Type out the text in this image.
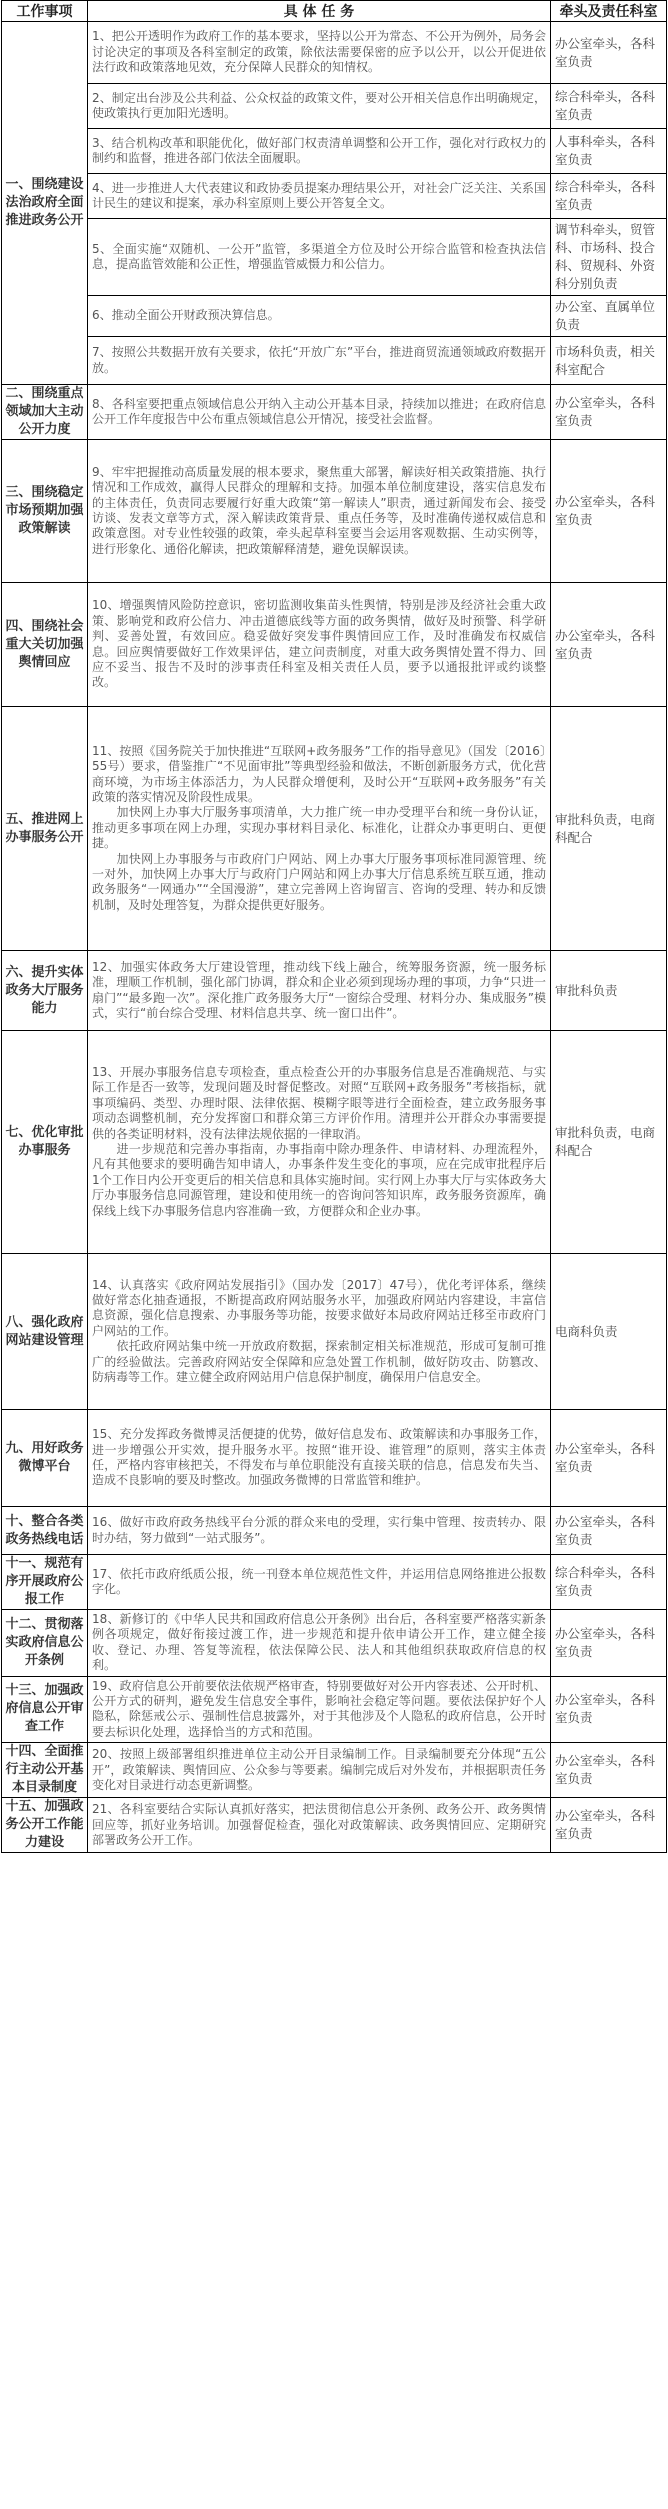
工作事项	具 体 任 务	牵头及责任科室
一、围绕建设法治政府全面推进政务公开	1、把公开透明作为政府工作的基本要求，坚持以公开为常态、不公开为例外，局务会讨论决定的事项及各科室制定的政策，除依法需要保密的应予以公开，以公开促进依法行政和政策落地见效，充分保障人民群众的知情权。	办公室牵头，各科室负责
	2、制定出台涉及公共利益、公众权益的政策文件，要对公开相关信息作出明确规定，使政策执行更加阳光透明。	综合科牵头，各科室负责
	3、结合机构改革和职能优化，做好部门权责清单调整和公开工作，强化对行政权力的制约和监督，推进各部门依法全面履职。	人事科牵头，各科室负责
	4、进一步推进人大代表建议和政协委员提案办理结果公开，对社会广泛关注、关系国计民生的建议和提案，承办科室原则上要公开答复全文。	综合科牵头，各科室负责
	5、全面实施“双随机、一公开”监管，多渠道全方位及时公开综合监管和检查执法信息，提高监管效能和公正性，增强监管威慑力和公信力。	调节科牵头，贸管科、市场科、投合科、贸规科、外资科分别负责
	6、推动全面公开财政预决算信息。	办公室、直属单位负责
	7、按照公共数据开放有关要求，依托“开放广东”平台，推进商贸流通领域政府数据开放。	市场科负责，相关科室配合
二、围绕重点领域加大主动公开力度	8、各科室要把重点领域信息公开纳入主动公开基本目录，持续加以推进；在政府信息公开工作年度报告中公布重点领域信息公开情况，接受社会监督。	办公室牵头，各科室负责
三、围绕稳定市场预期加强政策解读	9、牢牢把握推动高质量发展的根本要求，聚焦重大部署，解读好相关政策措施、执行情况和工作成效，赢得人民群众的理解和支持。加强本单位制度建设，落实信息发布的主体责任，负责同志要履行好重大政策“第一解读人”职责，通过新闻发布会、接受访谈、发表文章等方式，深入解读政策背景、重点任务等，及时准确传递权威信息和政策意图。对专业性较强的政策，牵头起草科室要当会运用客观数据、生动实例等，进行形象化、通俗化解读，把政策解释清楚，避免误解误读。	办公室牵头，各科室负责
四、围绕社会重大关切加强舆情回应	10、增强舆情风险防控意识，密切监测收集苗头性舆情，特别是涉及经济社会重大政策、影响党和政府公信力、冲击道德底线等方面的政务舆情，做好及时预警、科学研判、妥善处置，有效回应。稳妥做好突发事件舆情回应工作，及时准确发布权威信息。回应舆情要做好工作效果评估，建立问责制度，对重大政务舆情处置不得力、回应不妥当、报告不及时的涉事责任科室及相关责任人员，要予以通报批评或约谈整改。	办公室牵头，各科室负责
五、推进网上办事服务公开	11、按照《国务院关于加快推进“互联网+政务服务”工作的指导意见》（国发〔2016〕55号）要求，借鉴推广“不见面审批”等典型经验和做法，不断创新服务方式，优化营商环境，为市场主体添活力，为人民群众增便利，及时公开“互联网+政务服务”有关政策的落实情况及阶段性成果。
　　加快网上办事大厅服务事项清单，大力推广统一申办受理平台和统一身份认证，推动更多事项在网上办理，实现办事材料目录化、标准化，让群众办事更明白、更便捷。
　　加快网上办事服务与市政府门户网站、网上办事大厅服务事项标准同源管理、统一对外，加快网上办事大厅与政府门户网站和网上办事大厅信息系统互联互通，推动政务服务“一网通办”“全国漫游”，建立完善网上咨询留言、咨询的受理、转办和反馈机制，及时处理答复，为群众提供更好服务。	审批科负责，电商科配合
六、提升实体政务大厅服务能力	12、加强实体政务大厅建设管理，推动线下线上融合，统筹服务资源，统一服务标准，理顺工作机制，强化部门协调，群众和企业必须到现场办理的事项，力争“只进一扇门”“最多跑一次”。深化推广政务服务大厅“一窗综合受理、材料分办、集成服务”模式，实行“前台综合受理、材料信息共享、统一窗口出件”。	审批科负责
七、优化审批办事服务	13、开展办事服务信息专项检查，重点检查公开的办事服务信息是否准确规范、与实际工作是否一致等，发现问题及时督促整改。对照“互联网+政务服务”考核指标，就事项编码、类型、办理时限、法律依据、模糊字眼等进行全面检查，建立政务服务事项动态调整机制，充分发挥窗口和群众第三方评价作用。清理并公开群众办事需要提供的各类证明材料，没有法律法规依据的一律取消。
　　进一步规范和完善办事指南，办事指南中除办理条件、申请材料、办理流程外，凡有其他要求的要明确告知申请人，办事条件发生变化的事项，应在完成审批程序后 1个工作日内公开变更后的相关信息和具体实施时间。实行网上办事大厅与实体政务大厅办事服务信息同源管理，建设和使用统一的咨询问答知识库，政务服务资源库，确保线上线下办事服务信息内容准确一致，方便群众和企业办事。	审批科负责，电商科配合
八、强化政府网站建设管理	14、认真落实《政府网站发展指引》（国办发〔2017〕47号），优化考评体系，继续做好常态化抽查通报，不断提高政府网站服务水平，加强政府网站内容建设，丰富信息资源，强化信息搜索、办事服务等功能，按要求做好本局政府网站迁移至市政府门户网站的工作。
　　依托政府网站集中统一开放政府数据，探索制定相关标准规范，形成可复制可推广的经验做法。完善政府网站安全保障和应急处置工作机制，做好防攻击、防篡改、防病毒等工作。建立健全政府网站用户信息保护制度，确保用户信息安全。	电商科负责
九、用好政务微博平台	15、充分发挥政务微博灵活便捷的优势，做好信息发布、政策解读和办事服务工作，进一步增强公开实效，提升服务水平。按照“谁开设、谁管理”的原则，落实主体责任，严格内容审核把关，不得发布与单位职能没有直接关联的信息，信息发布失当、造成不良影响的要及时整改。加强政务微博的日常监管和维护。	办公室牵头，各科室负责
十、整合各类政务热线电话	16、做好市政府政务热线平台分派的群众来电的受理，实行集中管理、按责转办、限时办结，努力做到“一站式服务”。	办公室牵头，各科室负责
十一、规范有序开展政府公报工作	17、依托市政府纸质公报，统一刊登本单位规范性文件，并运用信息网络推进公报数字化。	综合科牵头，各科室负责
十二、贯彻落实政府信息公开条例	18、新修订的《中华人民共和国政府信息公开条例》出台后，各科室要严格落实新条例各项规定，做好衔接过渡工作，进一步规范和提升依申请公开工作，建立健全接收、登记、办理、答复等流程，依法保障公民、法人和其他组织获取政府信息的权利。	办公室牵头，各科室负责
十三、加强政府信息公开审查工作	19、政府信息公开前要依法依规严格审查，特别要做好对公开内容表述、公开时机、公开方式的研判，避免发生信息安全事件，影响社会稳定等问题。要依法保护好个人隐私，除惩戒公示、强制性信息披露外，对于其他涉及个人隐私的政府信息，公开时要去标识化处理，选择恰当的方式和范围。	办公室牵头，各科室负责
十四、全面推行主动公开基本目录制度	20、按照上级部署组织推进单位主动公开目录编制工作。目录编制要充分体现“五公开”，政策解读、舆情回应、公众参与等要素。编制完成后对外发布，并根据职责任务变化对目录进行动态更新调整。	办公室牵头，各科室负责
十五、加强政务公开工作能力建设	21、各科室要结合实际认真抓好落实，把法贯彻信息公开条例、政务公开、政务舆情回应等，抓好业务培训。加强督促检查，强化对政策解读、政务舆情回应、定期研究部署政务公开工作。	办公室牵头，各科室负责
